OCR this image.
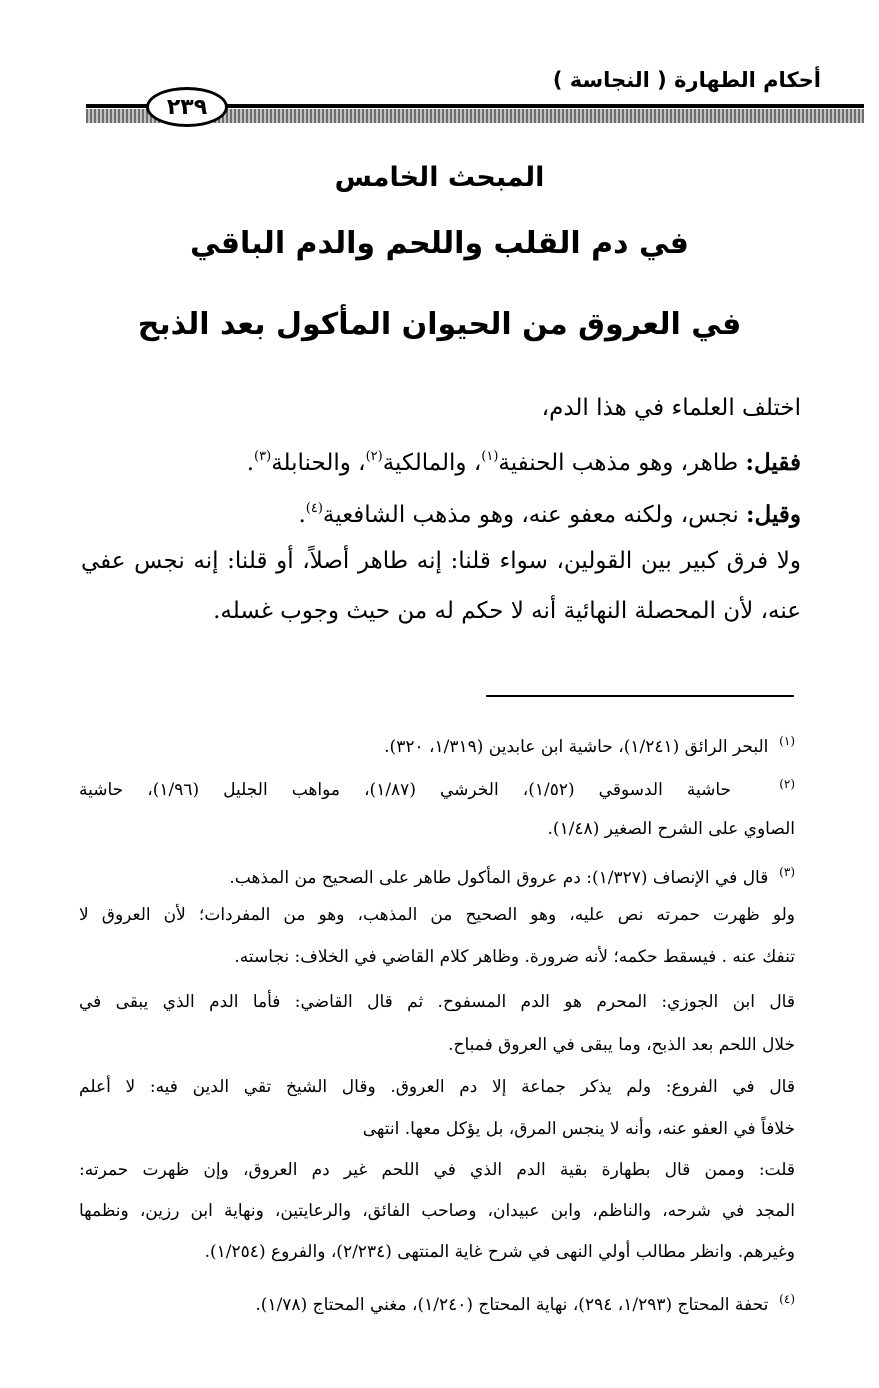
أحكام الطهارة ( النجاسة )
٢٣٩
المبحث الخامس
في دم القلب واللحم والدم الباقي
في العروق من الحيوان المأكول بعد الذبح
اختلف العلماء في هذا الدم،
فقيل: طاهر، وهو مذهب الحنفية$^{(١)}$، والمالكية$^{(٢)}$، والحنابلة$^{(٣)}$.
وقيل: نجس، ولكنه معفو عنه، وهو مذهب الشافعية$^{(٤)}$.
ولا فرق كبير بين القولين، سواء قلنا: إنه طاهر أصلاً، أو قلنا: إنه نجس عفي
عنه، لأن المحصلة النهائية أنه لا حكم له من حيث وجوب غسله.
$^{(١)}$  البحر الرائق (١/٢٤١)، حاشية ابن عابدين (١/٣١٩، ٣٢٠).
$^{(٢)}$  حاشية الدسوقي (١/٥٢)، الخرشي (١/٨٧)، مواهب الجليل (١/٩٦)، حاشية
الصاوي على الشرح الصغير (١/٤٨).
$^{(٣)}$  قال في الإنصاف (١/٣٢٧): دم عروق المأكول طاهر على الصحيح من المذهب.
ولو ظهرت حمرته نص عليه، وهو الصحيح من المذهب، وهو من المفردات؛ لأن العروق لا
تنفك عنه . فيسقط حكمه؛ لأنه ضرورة. وظاهر كلام القاضي في الخلاف: نجاسته.
قال ابن الجوزي: المحرم هو الدم المسفوح. ثم قال القاضي: فأما الدم الذي يبقى في
خلال اللحم بعد الذبح، وما يبقى في العروق فمباح.
قال في الفروع: ولم يذكر جماعة إلا دم العروق. وقال الشيخ تقي الدين فيه: لا أعلم
خلافاً في العفو عنه، وأنه لا ينجس المرق، بل يؤكل معها. انتهى
قلت: وممن قال بطهارة بقية الدم الذي في اللحم غير دم العروق، وإن ظهرت حمرته:
المجد في شرحه، والناظم، وابن عبيدان، وصاحب الفائق، والرعايتين، ونهاية ابن رزين، ونظمها
وغيرهم. وانظر مطالب أولي النهى في شرح غاية المنتهى (٢/٢٣٤)، والفروع (١/٢٥٤).
$^{(٤)}$  تحفة المحتاج (١/٢٩٣، ٢٩٤)، نهاية المحتاج (١/٢٤٠)، مغني المحتاج (١/٧٨).
